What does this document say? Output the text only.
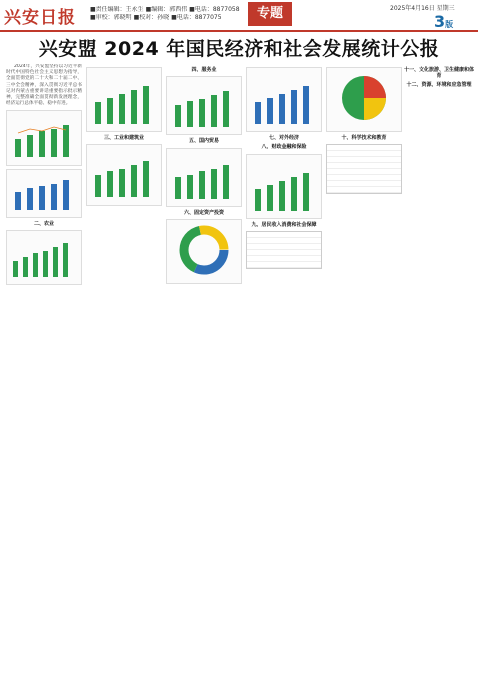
兴安日报 ■责任编辑：王永生 ■编辑：郭西伟 ■电话：8877058
■审校：郭晓明 ■校对：孙晓 ■电话：8877075	专题	2025年4月16日 星期三
3版
兴安盟 2024 年国民经济和社会发展统计公报

2024年，兴安盟坚持以习近平新时代中国特色社会主义思想为指导，全面贯彻党的二十大和二十届二中、三中全会精神，深入贯彻习近平总书记对内蒙古重要讲话重要指示批示精神，完整准确全面贯彻新发展理念，经济运行总体平稳、稳中有进。

二、农业
三、工业和建筑业
四、服务业
五、国内贸易
六、固定资产投资
七、对外经济
八、财政金融和保险
九、居民收入消费和社会保障
十、科学技术和教育
十一、文化旅游、卫生健康和体育
十二、资源、环境和应急管理
